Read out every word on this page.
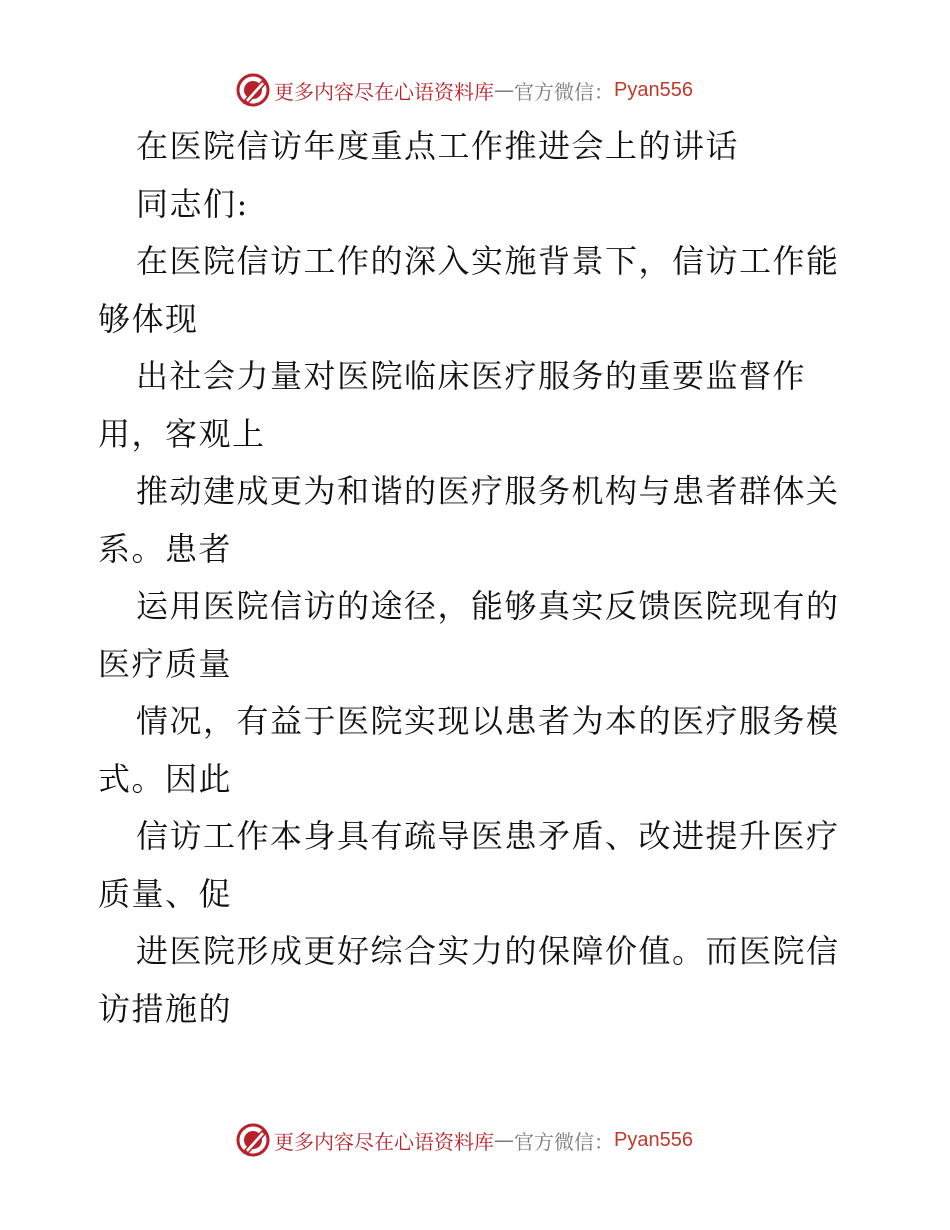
更多内容尽在心语资料库 — 官方微信： Pyan556
在医院信访年度重点工作推进会上的讲话
同志们:
在医院信访工作的深入实施背景下，信访工作能
够体现
出社会力量对医院临床医疗服务的重要监督作
用，客观上
推动建成更为和谐的医疗服务机构与患者群体关
系。患者
运用医院信访的途径，能够真实反馈医院现有的
医疗质量
情况，有益于医院实现以患者为本的医疗服务模
式。因此
信访工作本身具有疏导医患矛盾、改进提升医疗
质量、促
进医院形成更好综合实力的保障价值。而医院信
访措施的
更多内容尽在心语资料库 — 官方微信： Pyan556
